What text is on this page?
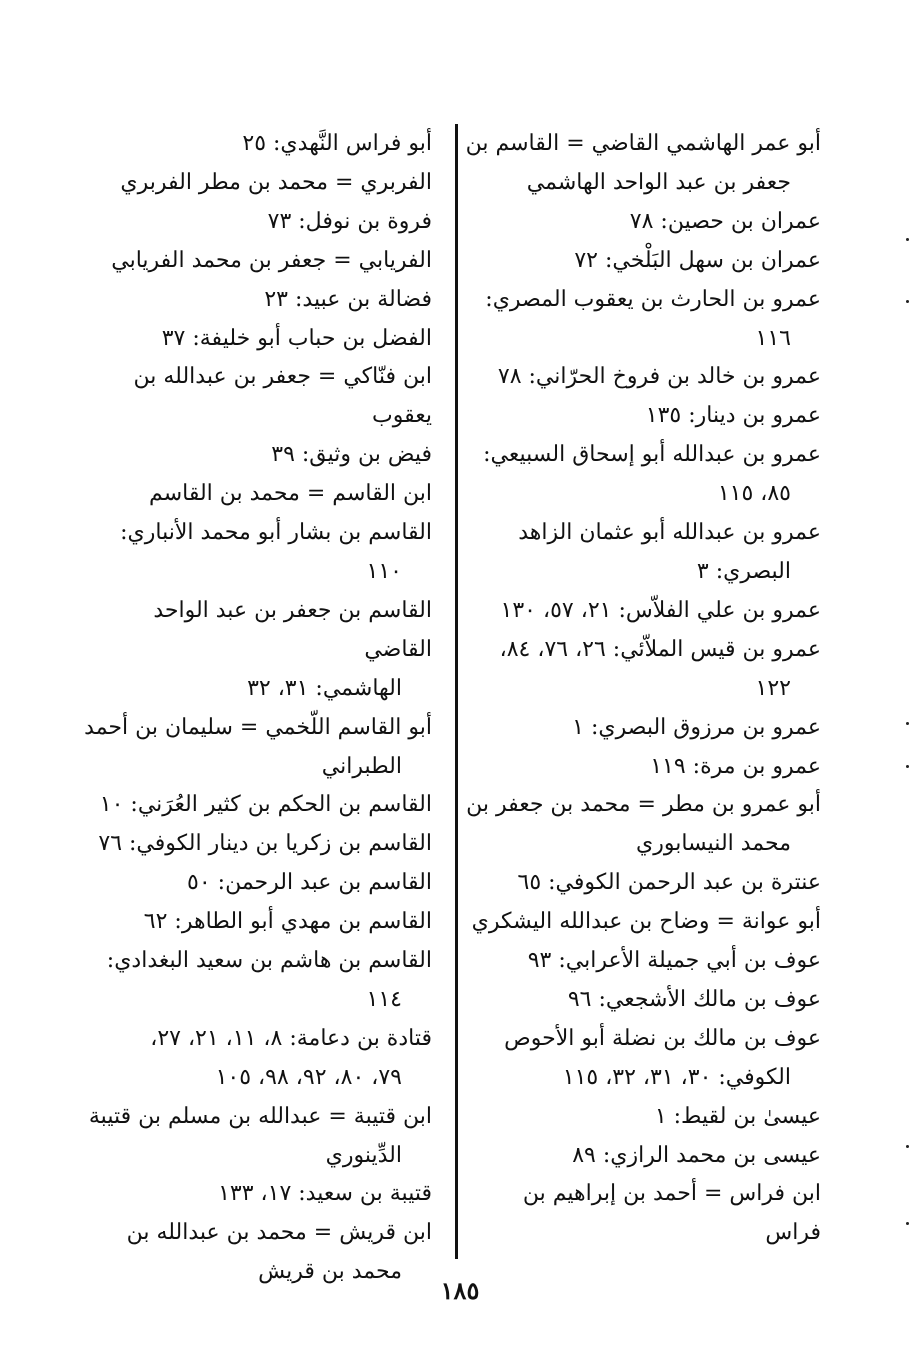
أبو عمر الهاشمي القاضي = القاسم بن
جعفر بن عبد الواحد الهاشمي
عمران بن حصين: ٧٨
عمران بن سهل البَلْخي: ٧٢
عمرو بن الحارث بن يعقوب المصري:
١١٦
عمرو بن خالد بن فروخ الحرّاني: ٧٨
عمرو بن دينار: ١٣٥
عمرو بن عبدالله أبو إسحاق السبيعي:
٨٥، ١١٥
عمرو بن عبدالله أبو عثمان الزاهد
البصري: ٣
عمرو بن علي الفلاّس: ٢١، ٥٧، ١٣٠
عمرو بن قيس الملاّئي: ٢٦، ٧٦، ٨٤،
١٢٢
عمرو بن مرزوق البصري: ١
عمرو بن مرة: ١١٩
أبو عمرو بن مطر = محمد بن جعفر بن
محمد النيسابوري
عنترة بن عبد الرحمن الكوفي: ٦٥
أبو عوانة = وضاح بن عبدالله اليشكري
عوف بن أبي جميلة الأعرابي: ٩٣
عوف بن مالك الأشجعي: ٩٦
عوف بن مالك بن نضلة أبو الأحوص
الكوفي: ٣٠، ٣١، ٣٢، ١١٥
عيسىٰ بن لقيط: ١
عيسى بن محمد الرازي: ٨٩
ابن فراس = أحمد بن إبراهيم بن فراس
أبو فراس النَّهدي: ٢٥
الفربري = محمد بن مطر الفربري
فروة بن نوفل: ٧٣
الفريابي = جعفر بن محمد الفريابي
فضالة بن عبيد: ٢٣
الفضل بن حباب أبو خليفة: ٣٧
ابن فنّاكي = جعفر بن عبدالله بن يعقوب
فيض بن وثيق: ٣٩
ابن القاسم = محمد بن القاسم
القاسم بن بشار أبو محمد الأنباري:
١١٠
القاسم بن جعفر بن عبد الواحد القاضي
الهاشمي: ٣١، ٣٢
أبو القاسم اللّخمي = سليمان بن أحمد
الطبراني
القاسم بن الحكم بن كثير العُرَني: ١٠
القاسم بن زكريا بن دينار الكوفي: ٧٦
القاسم بن عبد الرحمن: ٥٠
القاسم بن مهدي أبو الطاهر: ٦٢
القاسم بن هاشم بن سعيد البغدادي:
١١٤
قتادة بن دعامة: ٨، ١١، ٢١، ٢٧،
٧٩، ٨٠، ٩٢، ٩٨، ١٠٥
ابن قتيبة = عبدالله بن مسلم بن قتيبة
الدِّينوري
قتيبة بن سعيد: ١٧، ١٣٣
ابن قريش = محمد بن عبدالله بن
محمد بن قريش
١٨٥
